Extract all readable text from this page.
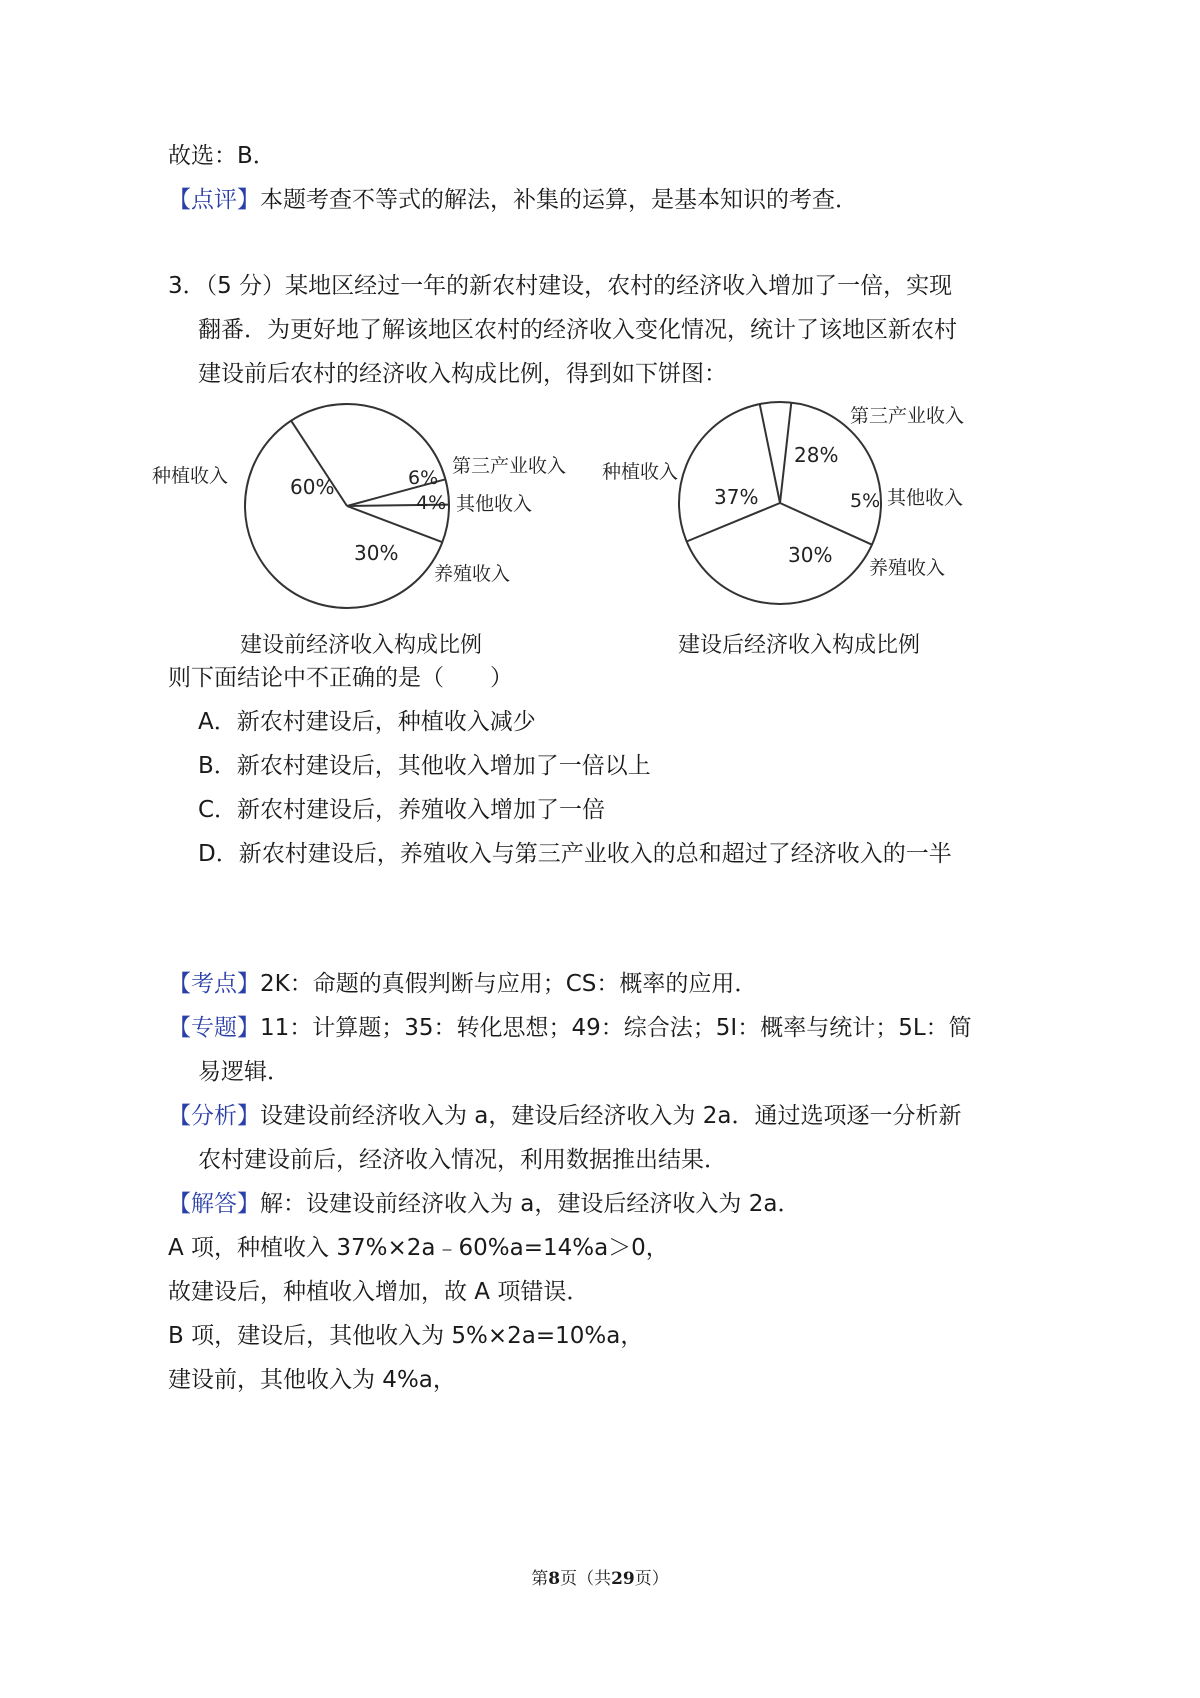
故选：B．
【点评】本题考查不等式的解法，补集的运算，是基本知识的考查．
3．（5 分）某地区经过一年的新农村建设，农村的经济收入增加了一倍，实现
翻番．为更好地了解该地区农村的经济收入变化情况，统计了该地区新农村
建设前后农村的经济收入构成比例，得到如下饼图：
种植收入	第三产业收入
其他收入
养殖收入
60%	6%
4%
30%
建设前经济收入构成比例
种植收入
第三产业收入
其他收入
养殖收入
37%
28%
5%
30%
建设后经济收入构成比例
则下面结论中不正确的是（　　）
A．新农村建设后，种植收入减少
B．新农村建设后，其他收入增加了一倍以上
C．新农村建设后，养殖收入增加了一倍
D．新农村建设后，养殖收入与第三产业收入的总和超过了经济收入的一半
【考点】2K：命题的真假判断与应用；CS：概率的应用．
【专题】11：计算题；35：转化思想；49：综合法；5I：概率与统计；5L：简
易逻辑．
【分析】设建设前经济收入为 a，建设后经济收入为 2a．通过选项逐一分析新
农村建设前后，经济收入情况，利用数据推出结果．
【解答】解：设建设前经济收入为 a，建设后经济收入为 2a．
A 项，种植收入 37%×2a﹣60%a=14%a＞0，
故建设后，种植收入增加，故 A 项错误．
B 项，建设后，其他收入为 5%×2a=10%a，
建设前，其他收入为 4%a，
第8页（共29页）
